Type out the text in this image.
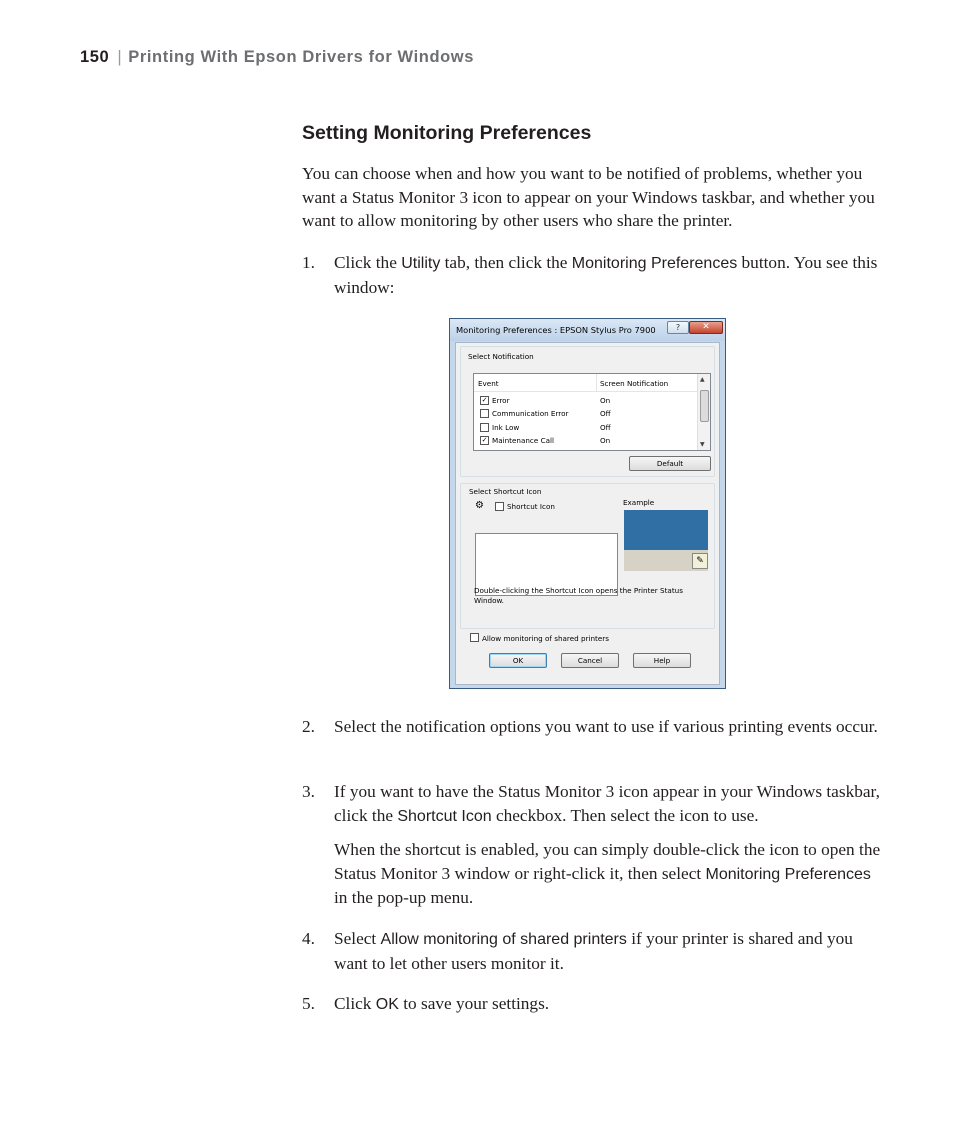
150 | Printing With Epson Drivers for Windows
Setting Monitoring Preferences

You can choose when and how you want to be notified of problems, whether you want a Status Monitor 3 icon to appear on your Windows taskbar, and whether you want to allow monitoring by other users who share the printer.

1. Click the Utility tab, then click the Monitoring Preferences button. You see this window:
Monitoring Preferences : EPSON Stylus Pro 7900	?	✕
Select Notification
Event	Screen Notification
✓ Error	On
Communication Error	Off
Ink Low	Off
✓ Maintenance Call	On
▲
▼
Default
Select Shortcut Icon
⚙	Shortcut Icon	Example
✎
Double-clicking the Shortcut Icon opens the Printer Status Window.
Allow monitoring of shared printers
OK	Cancel	Help
2. Select the notification options you want to use if various printing events occur.
3. If you want to have the Status Monitor 3 icon appear in your Windows taskbar, click the Shortcut Icon checkbox. Then select the icon to use.

When the shortcut is enabled, you can simply double-click the icon to open the Status Monitor 3 window or right-click it, then select Monitoring Preferences in the pop-up menu.

4. Select Allow monitoring of shared printers if your printer is shared and you want to let other users monitor it.
5. Click OK to save your settings.
